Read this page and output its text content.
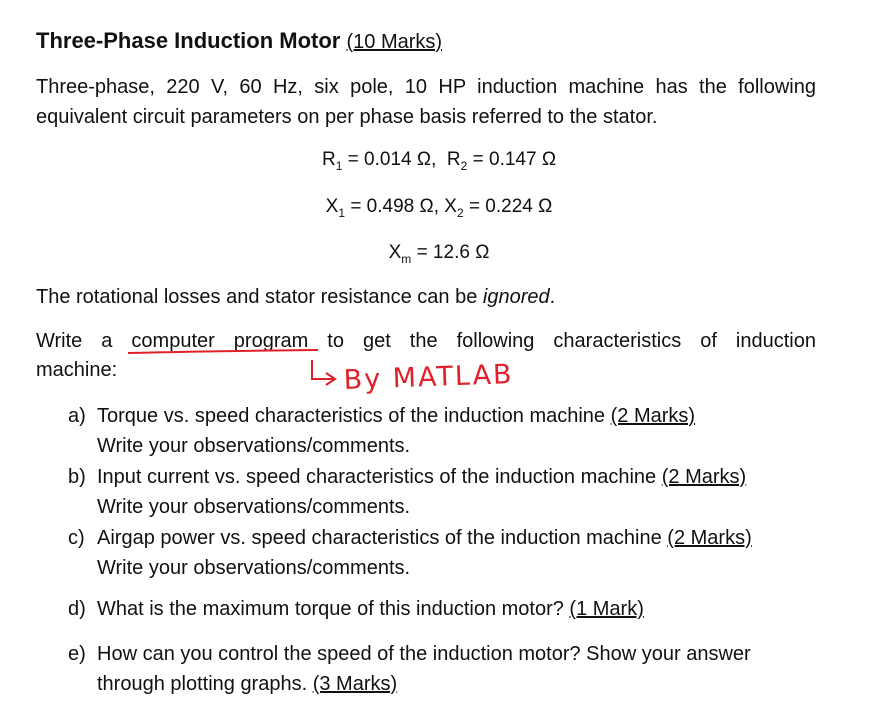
Three-Phase Induction Motor (10 Marks)
Three-phase, 220 V, 60 Hz, six pole, 10 HP induction machine has the following
equivalent circuit parameters on per phase basis referred to the stator.
$R_1 = 0.014$ Ω, $R_2 = 0.147$ Ω
$X_1 = 0.498$ Ω, $X_2 = 0.224$ Ω
$X_m = 12.6$ Ω
The rotational losses and stator resistance can be ignored.
Write a computer program to get the following characteristics of induction
machine:	By MATLAB
a) Torque vs. speed characteristics of the induction machine (2 Marks)
Write your observations/comments.
b) Input current vs. speed characteristics of the induction machine (2 Marks)
Write your observations/comments.
c) Airgap power vs. speed characteristics of the induction machine (2 Marks)
Write your observations/comments.
d) What is the maximum torque of this induction motor? (1 Mark)
e) How can you control the speed of the induction motor? Show your answer
through plotting graphs. (3 Marks)
